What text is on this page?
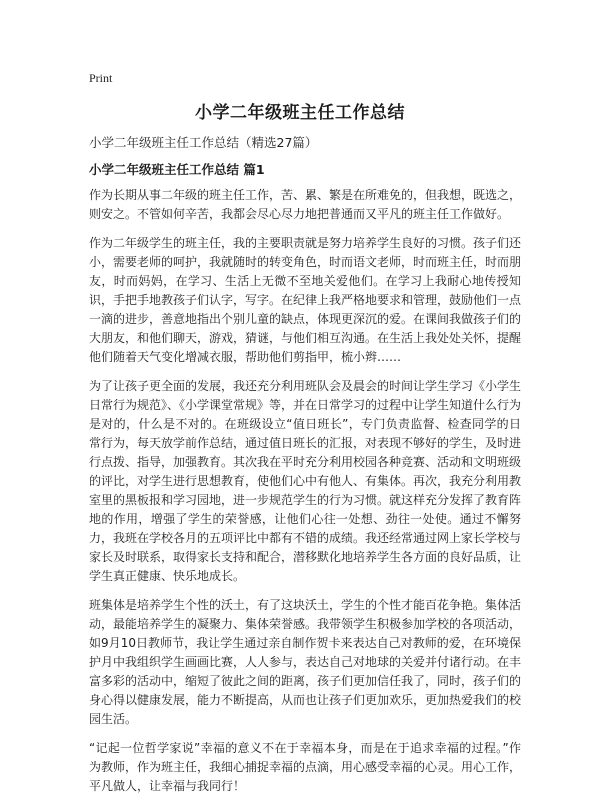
Print
小学二年级班主任工作总结
小学二年级班主任工作总结（精选27篇）
小学二年级班主任工作总结 篇1

作为长期从事二年级的班主任工作，苦、累、繁是在所难免的，但我想，既选之，则安之。不管如何辛苦，我都会尽心尽力地把普通而又平凡的班主任工作做好。

作为二年级学生的班主任，我的主要职责就是努力培养学生良好的习惯。孩子们还小，需要老师的呵护，我就随时的转变角色，时而语文老师，时而班主任，时而朋友，时而妈妈，在学习、生活上无微不至地关爱他们。在学习上我耐心地传授知识，手把手地教孩子们认字，写字。在纪律上我严格地要求和管理，鼓励他们一点一滴的进步，善意地指出个别儿童的缺点，体现更深沉的爱。在课间我做孩子们的大朋友，和他们聊天，游戏，猜谜，与他们相互沟通。在生活上我处处关怀，提醒他们随着天气变化增减衣服，帮助他们剪指甲，梳小辫……

为了让孩子更全面的发展，我还充分利用班队会及晨会的时间让学生学习《小学生日常行为规范》、《小学课堂常规》等，并在日常学习的过程中让学生知道什么行为是对的，什么是不对的。在班级设立“值日班长”，专门负责监督、检查同学的日常行为，每天放学前作总结，通过值日班长的汇报，对表现不够好的学生，及时进行点拨、指导，加强教育。其次我在平时充分利用校园各种竞赛、活动和文明班级的评比，对学生进行思想教育，使他们心中有他人、有集体。再次，我充分利用教室里的黑板报和学习园地，进一步规范学生的行为习惯。就这样充分发挥了教育阵地的作用，增强了学生的荣誉感，让他们心往一处想、劲往一处使。通过不懈努力，我班在学校各月的五项评比中都有不错的成绩。我还经常通过网上家长学校与家长及时联系，取得家长支持和配合，潜移默化地培养学生各方面的良好品质，让学生真正健康、快乐地成长。

班集体是培养学生个性的沃土，有了这块沃土，学生的个性才能百花争艳。集体活动，最能培养学生的凝聚力、集体荣誉感。我带领学生积极参加学校的各项活动，如9月10日教师节，我让学生通过亲自制作贺卡来表达自己对教师的爱，在环境保护月中我组织学生画画比赛，人人参与，表达自己对地球的关爱并付诸行动。在丰富多彩的活动中，缩短了彼此之间的距离，孩子们更加信任我了，同时，孩子们的身心得以健康发展，能力不断提高，从而也让孩子们更加欢乐，更加热爱我们的校园生活。

“记起一位哲学家说”幸福的意义不在于幸福本身，而是在于追求幸福的过程。”作为教师，作为班主任，我细心捕捉幸福的点滴，用心感受幸福的心灵。用心工作，平凡做人，让幸福与我同行！
